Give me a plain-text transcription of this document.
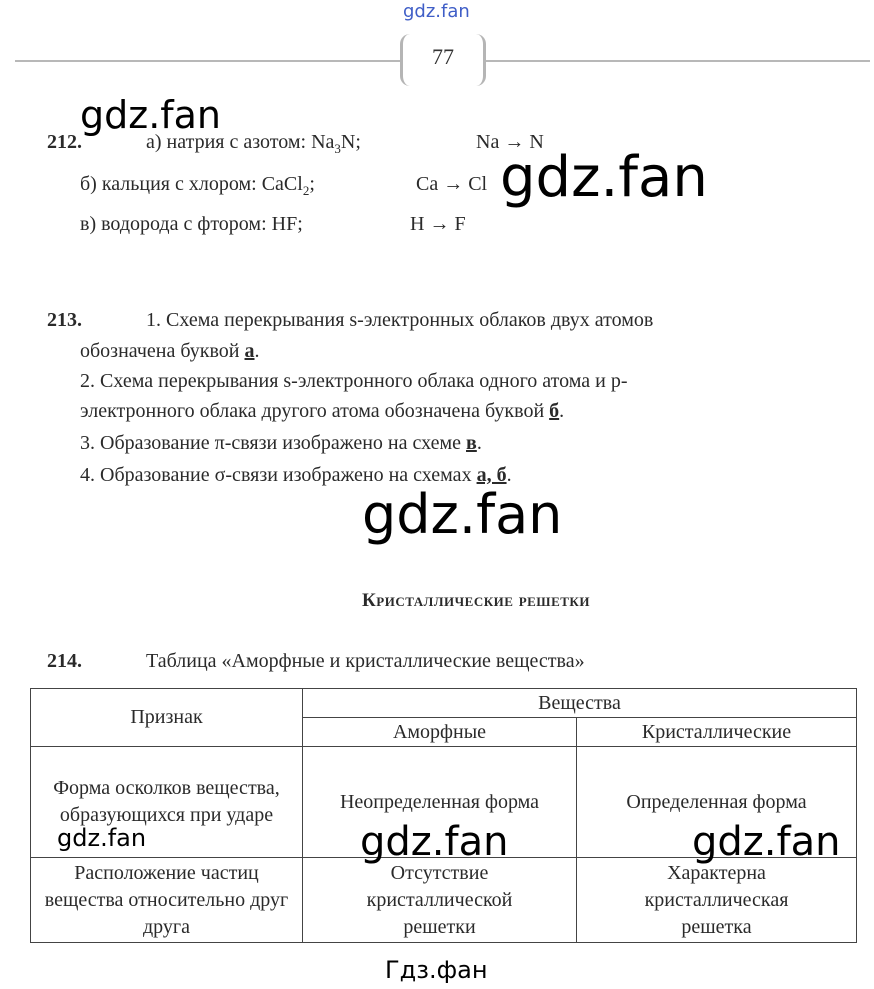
gdz.fan
77
gdz.fan
212.	а) натрия с азотом: $Na_3N$;	Na → N
б) кальция с хлором: CaCl$_2$;	Ca → Cl gdz.fan
в) водорода с фтором: HF;	H → F
213.	1. Схема перекрывания s-электронных облаков двух атомов
обозначена буквой а.
2. Схема перекрывания s-электронного облака одного атома и p-
электронного облака другого атома обозначена буквой б.
3. Образование π-связи изображено на схеме в.
4. Образование σ-связи изображено на схемах а, б.
gdz.fan
Кристаллические решетки
214.	Таблица «Аморфные и кристаллические вещества»
Признак	Вещества	
	Аморфные	Кристаллические
Форма осколков вещества, образующихся при ударе	Неопределенная форма	Определенная форма
Расположение частиц вещества относительно друг друга	Отсутствие кристаллической решетки	Характерна кристаллическая решетка
gdz.fan	gdz.fan	gdz.fan
Гдз.фан
